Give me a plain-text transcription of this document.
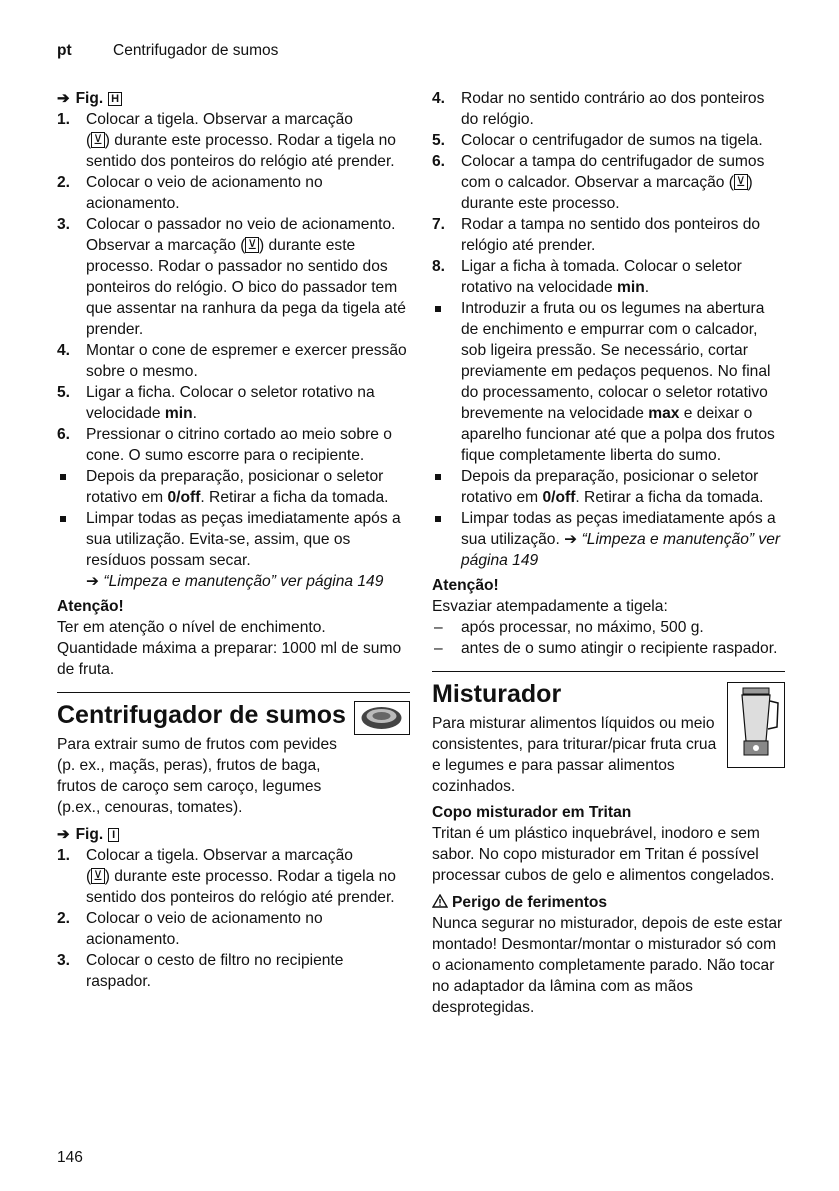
pt	Centrifugador de sumos
➔ Fig. H
1. Colocar a tigela. Observar a marcação
( ⊻ ) durante este processo. Rodar a tigela no sentido dos ponteiros do relógio até prender.
2. Colocar o veio de acionamento no acionamento.
3. Colocar o passador no veio de acionamento. Observar a marcação ( ⊻ ) durante este processo. Rodar o passador no sentido dos ponteiros do relógio. O bico do passador tem que assentar na ranhura da pega da tigela até prender.
4. Montar o cone de espremer e exercer pressão sobre o mesmo.
5. Ligar a ficha. Colocar o seletor rotativo na velocidade min.
6. Pressionar o citrino cortado ao meio sobre o cone. O sumo escorre para o recipiente.
Depois da preparação, posicionar o seletor rotativo em 0/off. Retirar a ficha da tomada.
Limpar todas as peças imediatamente após a sua utilização. Evita-se, assim, que os resíduos possam secar.
➔ “Limpeza e manutenção” ver página 149
Atenção!
Ter em atenção o nível de enchimento. Quantidade máxima a preparar: 1000 ml de sumo de fruta.
Centrifugador de sumos
Para extrair sumo de frutos com pevides (p. ex., maçãs, peras), frutos de baga, frutos de caroço sem caroço, legumes (p.ex., cenouras, tomates).
➔ Fig. I
1. Colocar a tigela. Observar a marcação
( ⊻ ) durante este processo. Rodar a tigela no sentido dos ponteiros do relógio até prender.
2. Colocar o veio de acionamento no acionamento.
3. Colocar o cesto de filtro no recipiente raspador.
4. Rodar no sentido contrário ao dos ponteiros do relógio.
5. Colocar o centrifugador de sumos na tigela.
6. Colocar a tampa do centrifugador de sumos com o calcador. Observar a marcação ( ⊻ ) durante este processo.
7. Rodar a tampa no sentido dos ponteiros do relógio até prender.
8. Ligar a ficha à tomada. Colocar o seletor rotativo na velocidade min.
Introduzir a fruta ou os legumes na abertura de enchimento e empurrar com o calcador, sob ligeira pressão. Se necessário, cortar previamente em pedaços pequenos. No final do processamento, colocar o seletor rotativo brevemente na velocidade max e deixar o aparelho funcionar até que a polpa dos frutos fique completamente liberta do sumo.
Depois da preparação, posicionar o seletor rotativo em 0/off. Retirar a ficha da tomada.
Limpar todas as peças imediatamente após a sua utilização. ➔ “Limpeza e manutenção” ver página 149
Atenção!
Esvaziar atempadamente a tigela:
– após processar, no máximo, 500 g.
– antes de o sumo atingir o recipiente raspador.
Misturador
Para misturar alimentos líquidos ou meio consistentes, para triturar/picar fruta crua e legumes e para passar alimentos cozinhados.
Copo misturador em Tritan
Tritan é um plástico inquebrável, inodoro e sem sabor. No copo misturador em Tritan é possível processar cubos de gelo e alimentos congelados.
Perigo de ferimentos
Nunca segurar no misturador, depois de este estar montado! Desmontar/montar o misturador só com o acionamento completamente parado. Não tocar no adaptador da lâmina com as mãos desprotegidas.
146
